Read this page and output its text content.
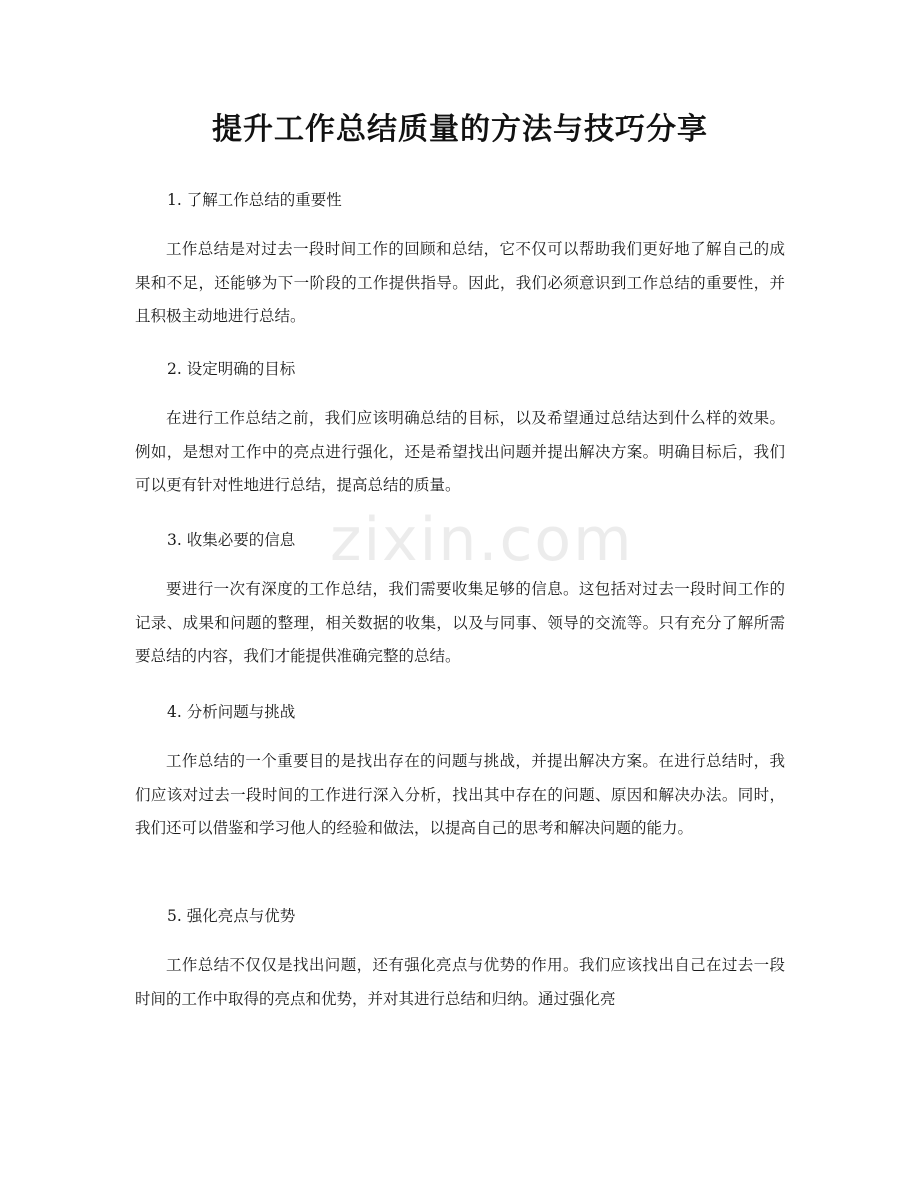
zixin.com
提升工作总结质量的方法与技巧分享
1. 了解工作总结的重要性

工作总结是对过去一段时间工作的回顾和总结，它不仅可以帮助我们更好地了解自己的成果和不足，还能够为下一阶段的工作提供指导。因此，我们必须意识到工作总结的重要性，并且积极主动地进行总结。

2. 设定明确的目标

在进行工作总结之前，我们应该明确总结的目标，以及希望通过总结达到什么样的效果。例如，是想对工作中的亮点进行强化，还是希望找出问题并提出解决方案。明确目标后，我们可以更有针对性地进行总结，提高总结的质量。

3. 收集必要的信息

要进行一次有深度的工作总结，我们需要收集足够的信息。这包括对过去一段时间工作的记录、成果和问题的整理，相关数据的收集，以及与同事、领导的交流等。只有充分了解所需要总结的内容，我们才能提供准确完整的总结。

4. 分析问题与挑战

工作总结的一个重要目的是找出存在的问题与挑战，并提出解决方案。在进行总结时，我们应该对过去一段时间的工作进行深入分析，找出其中存在的问题、原因和解决办法。同时，我们还可以借鉴和学习他人的经验和做法，以提高自己的思考和解决问题的能力。

5. 强化亮点与优势

工作总结不仅仅是找出问题，还有强化亮点与优势的作用。我们应该找出自己在过去一段时间的工作中取得的亮点和优势，并对其进行总结和归纳。通过强化亮
